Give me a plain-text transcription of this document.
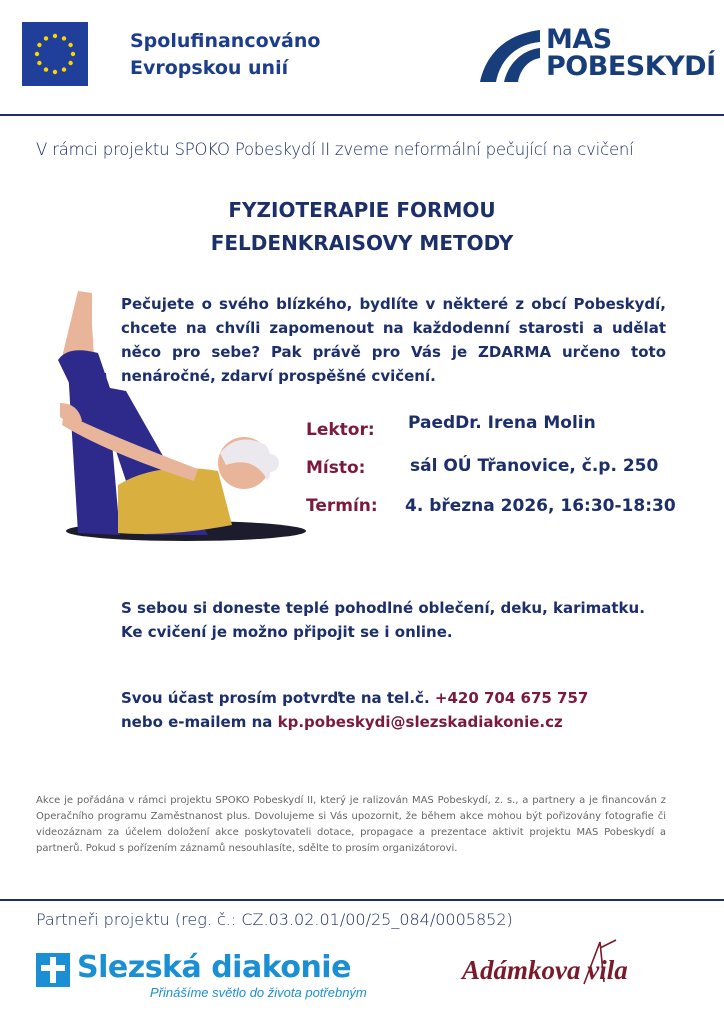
Spolufinancováno
Evropskou unií
MAS
POBESKYDÍ
V rámci projektu SPOKO Pobeskydí II zveme neformální pečující na cvičení
FYZIOTERAPIE FORMOU
FELDENKRAISOVY METODY
Pečujete o svého blízkého, bydlíte v některé z obcí Pobeskydí, chcete na chvíli zapomenout na každodenní starosti a udělat něco pro sebe? Pak právě pro Vás je ZDARMA určeno toto nenáročné, zdarví prospěšné cvičení.
Lektor: PaedDr. Irena Molin
Místo:	sál OÚ Třanovice, č.p. 250
Termín: 4. března 2026, 16:30-18:30
S sebou si doneste teplé pohodlné oblečení, deku, karimatku.
Ke cvičení je možno připojit se i online.
Svou účast prosím potvrďte na tel.č. +420 704 675 757
nebo e-mailem na kp.pobeskydi@slezskadiakonie.cz
Akce je pořádána v rámci projektu SPOKO Pobeskydí II, který je ralizován MAS Pobeskydí, z. s., a partnery a je financován z Operačního programu Zaměstnanost plus. Dovolujeme si Vás upozornit, že během akce mohou být pořizovány fotografie či videozáznam za účelem doložení akce poskytovateli dotace, propagace a prezentace aktivit projektu MAS Pobeskydí a partnerů. Pokud s pořízením záznamů nesouhlasíte, sdělte to prosím organizátorovi.
Partneři projektu (reg. č.: CZ.03.02.01/00/25_084/0005852)
Slezská diakonie
Přinášíme světlo do života potřebným
Adámkova vila
